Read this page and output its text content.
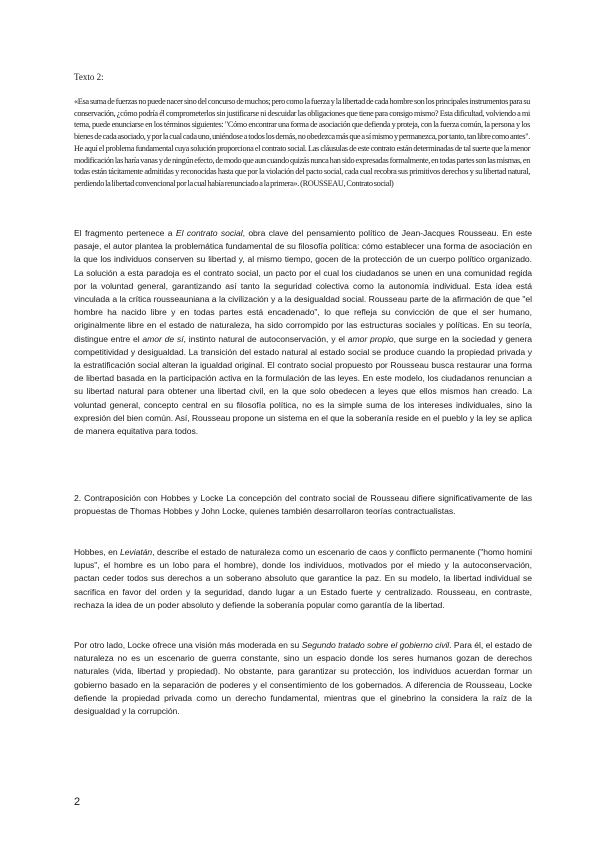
Texto 2:

«Esa suma de fuerzas no puede nacer sino del concurso de muchos; pero como la fuerza y la libertad de cada hombre son los principales instrumentos para su conservación, ¿cómo podría él comprometerlos sin justificarse ni descuidar las obligaciones que tiene para consigo mismo? Esta dificultad, volviendo a mi tema, puede enunciarse en los términos siguientes: "Cómo encontrar una forma de asociación que defienda y proteja, con la fuerza común, la persona y los bienes de cada asociado, y por la cual cada uno, uniéndose a todos los demás, no obedezca más que a sí mismo y permanezca, por tanto, tan libre como antes". He aquí el problema fundamental cuya solución proporciona el contrato social. Las cláusulas de este contrato están determinadas de tal suerte que la menor modificación las haría vanas y de ningún efecto, de modo que aun cuando quizás nunca han sido expresadas formalmente, en todas partes son las mismas, en todas están tácitamente admitidas y reconocidas hasta que por la violación del pacto social, cada cual recobra sus primitivos derechos y su libertad natural, perdiendo la libertad convencional por la cual había renunciado a la primera». (ROUSSEAU, Contrato social)

El fragmento pertenece a El contrato social, obra clave del pensamiento político de Jean-Jacques Rousseau. En este pasaje, el autor plantea la problemática fundamental de su filosofía política: cómo establecer una forma de asociación en la que los individuos conserven su libertad y, al mismo tiempo, gocen de la protección de un cuerpo político organizado. La solución a esta paradoja es el contrato social, un pacto por el cual los ciudadanos se unen en una comunidad regida por la voluntad general, garantizando así tanto la seguridad colectiva como la autonomía individual. Esta idea está vinculada a la crítica rousseauniana a la civilización y a la desigualdad social. Rousseau parte de la afirmación de que "el hombre ha nacido libre y en todas partes está encadenado", lo que refleja su convicción de que el ser humano, originalmente libre en el estado de naturaleza, ha sido corrompido por las estructuras sociales y políticas. En su teoría, distingue entre el amor de sí, instinto natural de autoconservación, y el amor propio, que surge en la sociedad y genera competitividad y desigualdad. La transición del estado natural al estado social se produce cuando la propiedad privada y la estratificación social alteran la igualdad original. El contrato social propuesto por Rousseau busca restaurar una forma de libertad basada en la participación activa en la formulación de las leyes. En este modelo, los ciudadanos renuncian a su libertad natural para obtener una libertad civil, en la que solo obedecen a leyes que ellos mismos han creado. La voluntad general, concepto central en su filosofía política, no es la simple suma de los intereses individuales, sino la expresión del bien común. Así, Rousseau propone un sistema en el que la soberanía reside en el pueblo y la ley se aplica de manera equitativa para todos.

2. Contraposición con Hobbes y Locke La concepción del contrato social de Rousseau difiere significativamente de las propuestas de Thomas Hobbes y John Locke, quienes también desarrollaron teorías contractualistas.

Hobbes, en Leviatán, describe el estado de naturaleza como un escenario de caos y conflicto permanente ("homo homini lupus", el hombre es un lobo para el hombre), donde los individuos, motivados por el miedo y la autoconservación, pactan ceder todos sus derechos a un soberano absoluto que garantice la paz. En su modelo, la libertad individual se sacrifica en favor del orden y la seguridad, dando lugar a un Estado fuerte y centralizado. Rousseau, en contraste, rechaza la idea de un poder absoluto y defiende la soberanía popular como garantía de la libertad.

Por otro lado, Locke ofrece una visión más moderada en su Segundo tratado sobre el gobierno civil. Para él, el estado de naturaleza no es un escenario de guerra constante, sino un espacio donde los seres humanos gozan de derechos naturales (vida, libertad y propiedad). No obstante, para garantizar su protección, los individuos acuerdan formar un gobierno basado en la separación de poderes y el consentimiento de los gobernados. A diferencia de Rousseau, Locke defiende la propiedad privada como un derecho fundamental, mientras que el ginebrino la considera la raíz de la desigualdad y la corrupción.

2
